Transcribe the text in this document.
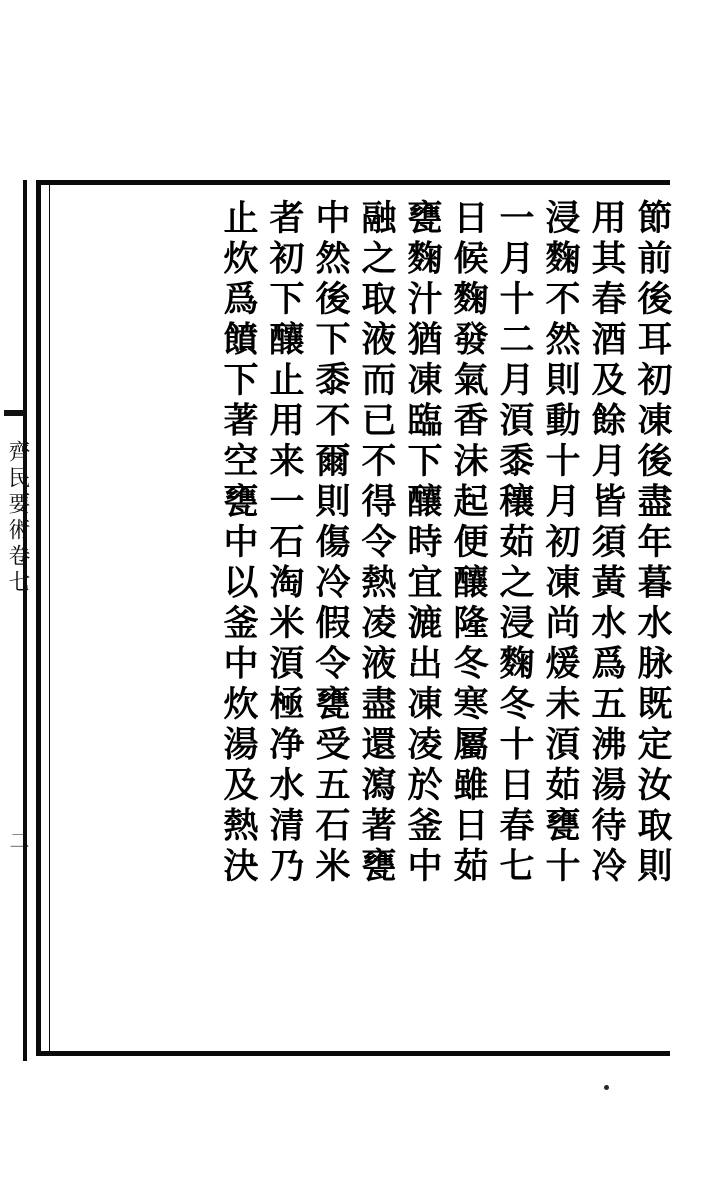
節前後耳初凍後盡年暮水脉既定汝取則
用其春酒及餘月皆須黃水爲五沸湯待冷
浸麴不然則動十月初凍尚煖未湏茹甕十
一月十二月湏黍穰茹之浸麴冬十日春七
日候麴發氣香沫起便釀隆冬寒屬雖日茹
甕麴汁猶凍臨下釀時宜漉出凍凌於釜中
融之取液而已不得令熱凌液盡還瀉著甕
中然後下黍不爾則傷冷假令甕受五石米
者初下釀止用来一石淘米湏極净水清乃
止炊爲饙下著空甕中以釜中炊湯及熱決
齊民要術卷七
二
